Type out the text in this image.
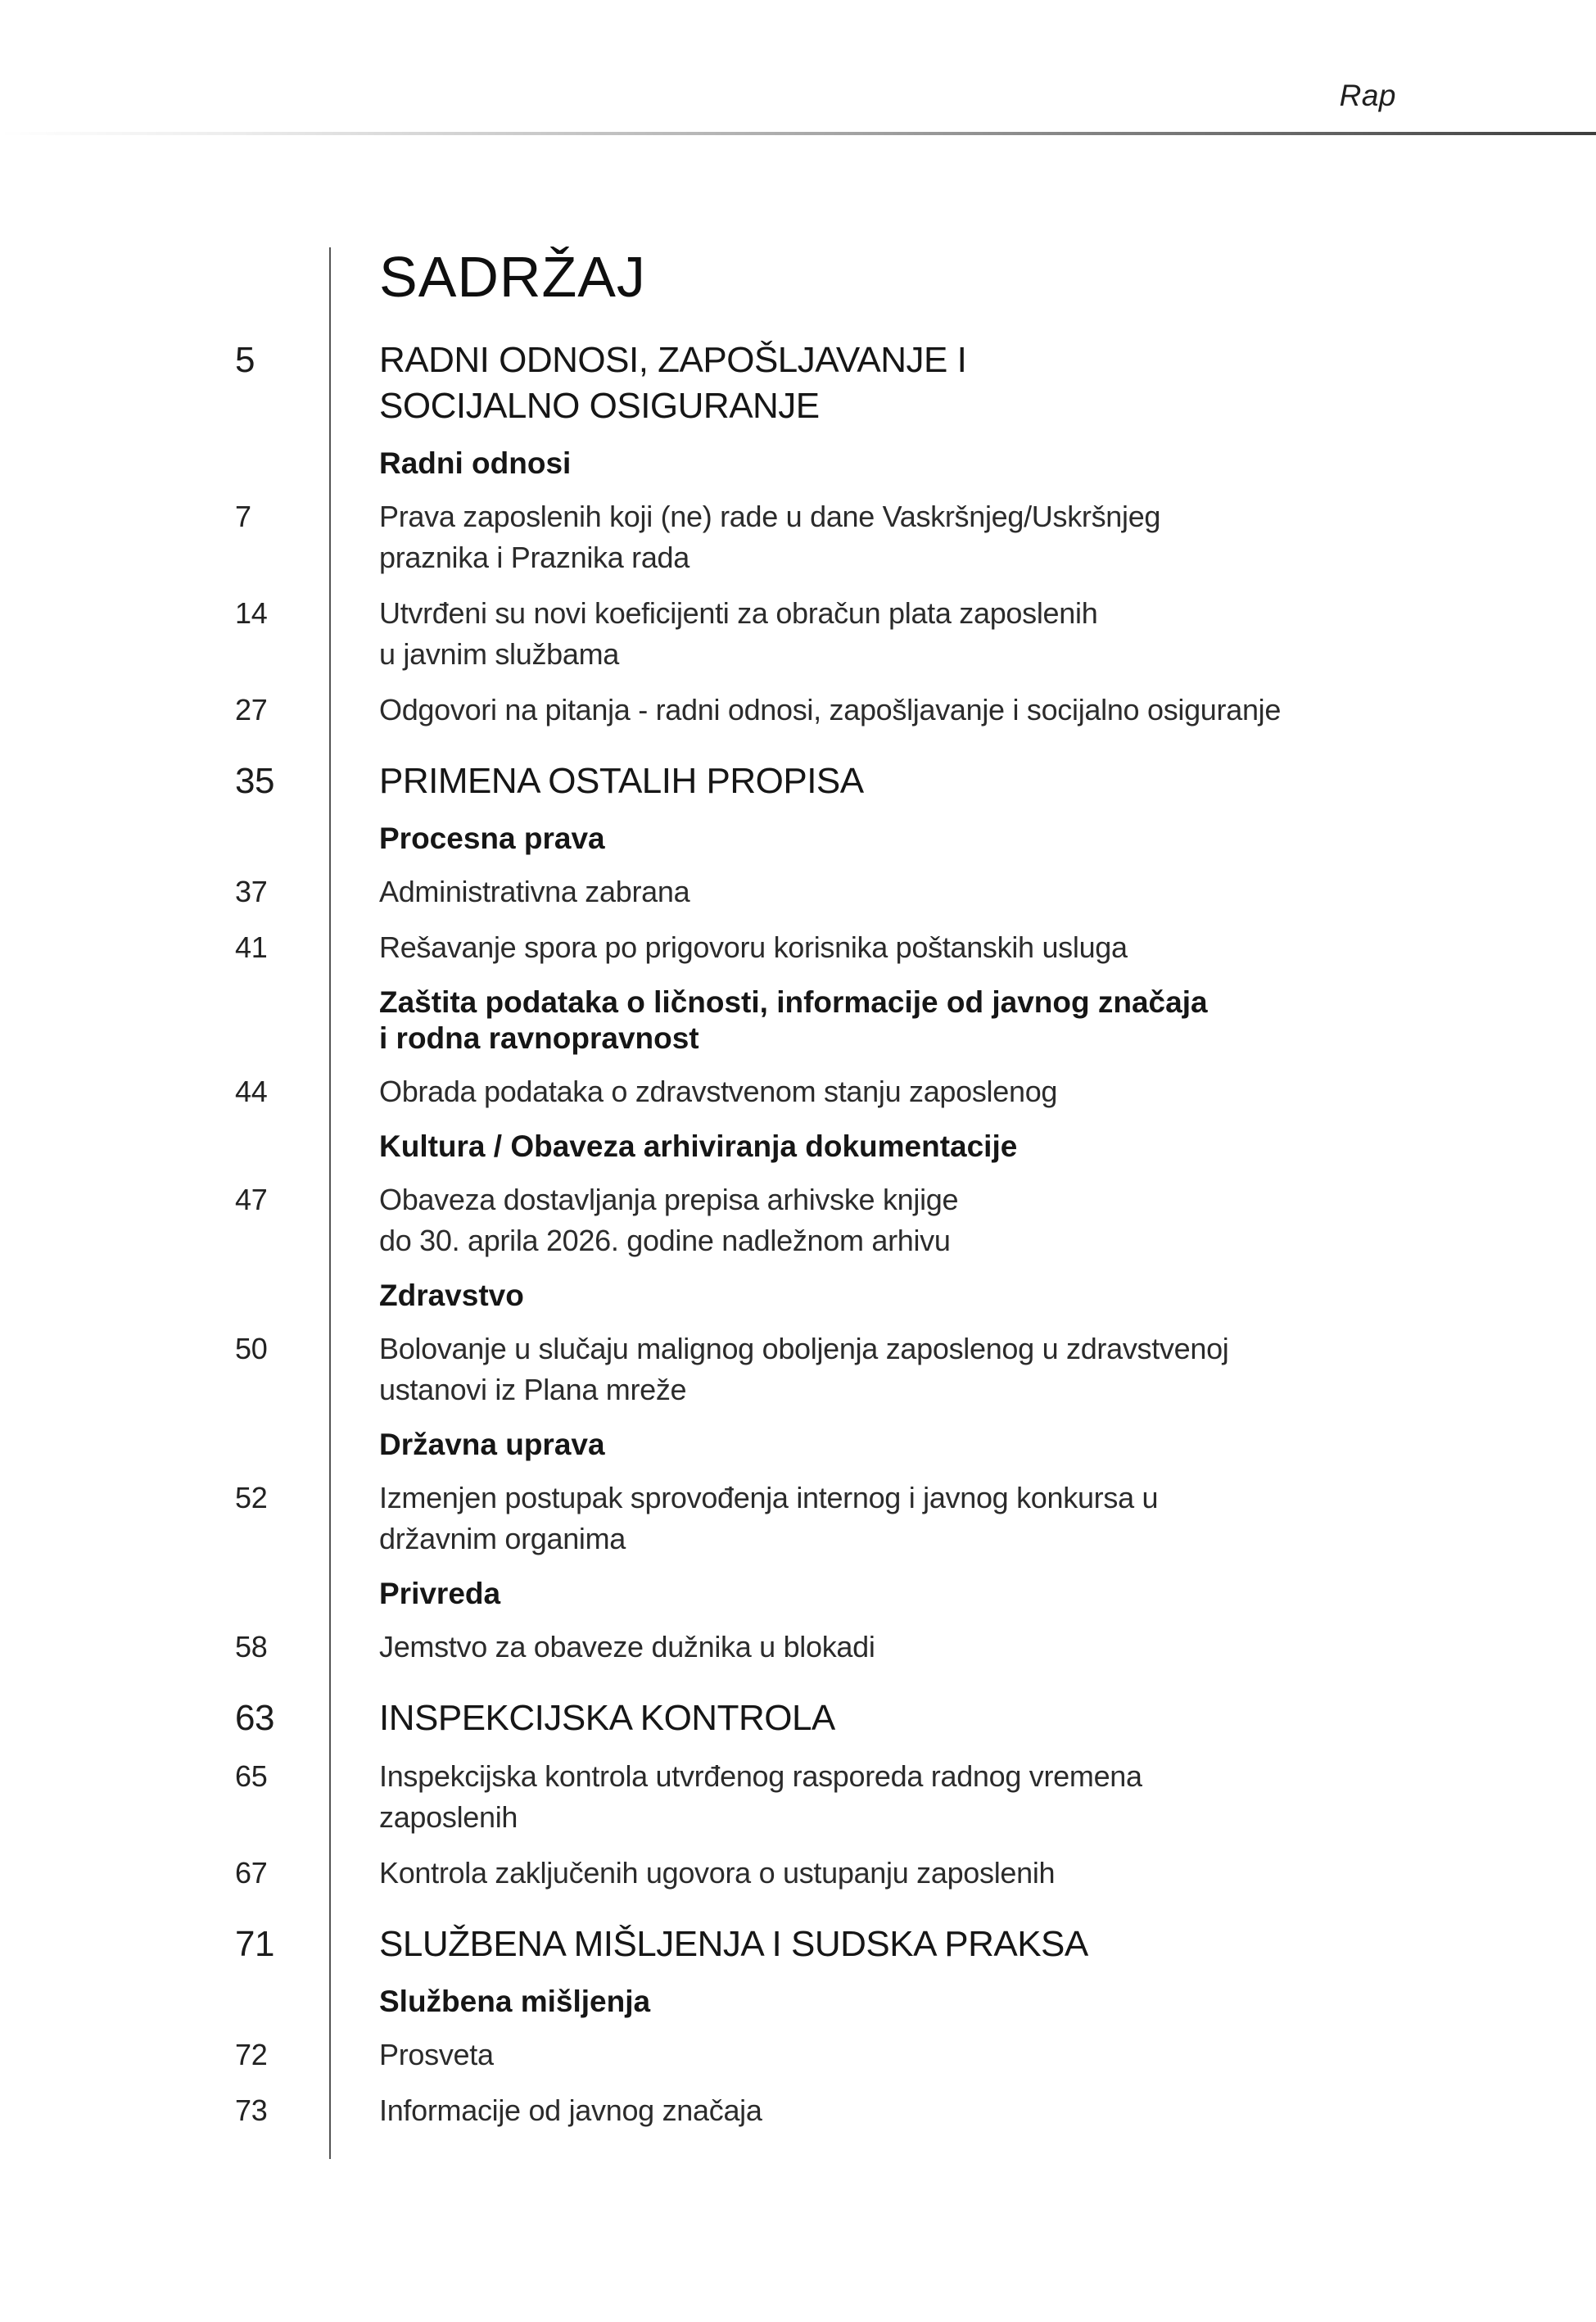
Rap
SADRŽAJ
5	RADNI ODNOSI, ZAPOŠLJAVANJE I
SOCIJALNO OSIGURANJE
Radni odnosi
7	Prava zaposlenih koji (ne) rade u dane Vaskršnjeg/Uskršnjeg
praznika i Praznika rada
14	Utvrđeni su novi koeficijenti za obračun plata zaposlenih
u javnim službama
27	Odgovori na pitanja - radni odnosi, zapošljavanje i socijalno osiguranje
35	PRIMENA OSTALIH PROPISA
Procesna prava
37	Administrativna zabrana
41	Rešavanje spora po prigovoru korisnika poštanskih usluga
Zaštita podataka o ličnosti, informacije od javnog značaja
i rodna ravnopravnost
44	Obrada podataka o zdravstvenom stanju zaposlenog
Kultura / Obaveza arhiviranja dokumentacije
47	Obaveza dostavljanja prepisa arhivske knjige
do 30. aprila 2026. godine nadležnom arhivu
Zdravstvo
50	Bolovanje u slučaju malignog oboljenja zaposlenog u zdravstvenoj
ustanovi iz Plana mreže
Državna uprava
52	Izmenjen postupak sprovođenja internog i javnog konkursa u
državnim organima
Privreda
58	Jemstvo za obaveze dužnika u blokadi
63	INSPEKCIJSKA KONTROLA
65	Inspekcijska kontrola utvrđenog rasporeda radnog vremena
zaposlenih
67	Kontrola zaključenih ugovora o ustupanju zaposlenih
71	SLUŽBENA MIŠLJENJA I SUDSKA PRAKSA
Službena mišljenja
72	Prosveta
73	Informacije od javnog značaja
